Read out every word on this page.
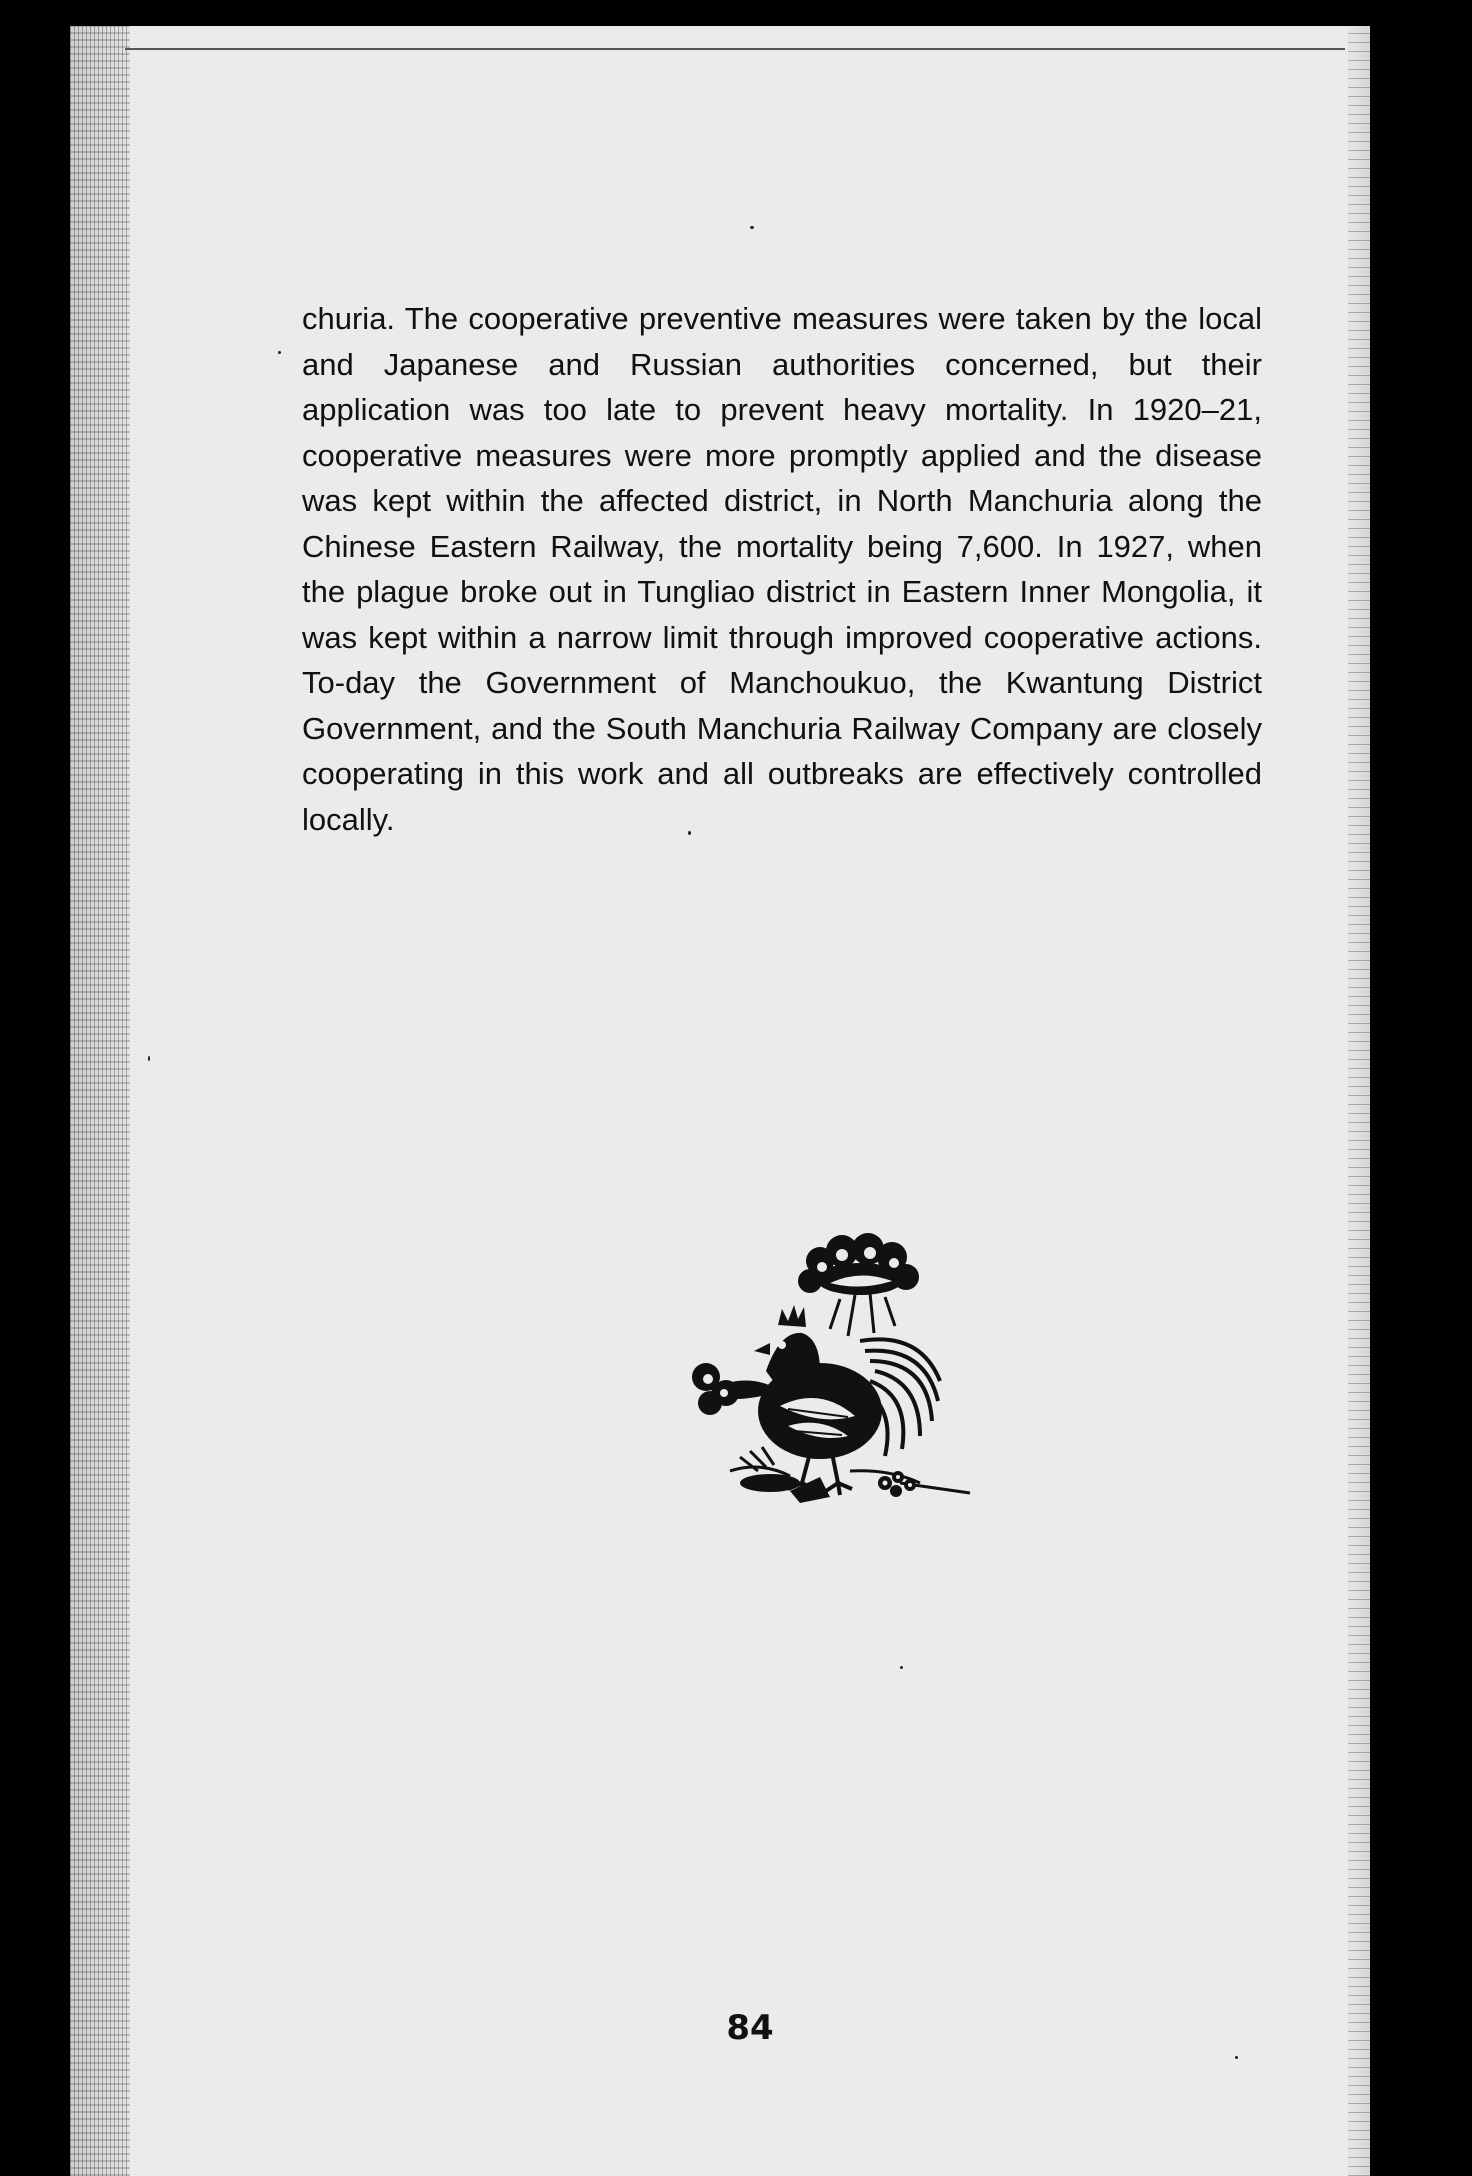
churia. The cooperative preventive measures were taken by the local and Japanese and Russian authorities concerned, but their application was too late to prevent heavy mortality. In 1920–21, cooperative measures were more promptly applied and the disease was kept within the affected district, in North Manchuria along the Chinese Eastern Railway, the mortality being 7,600. In 1927, when the plague broke out in Tungliao district in Eastern Inner Mongolia, it was kept within a narrow limit through improved cooperative actions. To-day the Government of Manchoukuo, the Kwantung District Government, and the South Manchuria Railway Company are closely cooperating in this work and all outbreaks are effectively controlled locally.

84
